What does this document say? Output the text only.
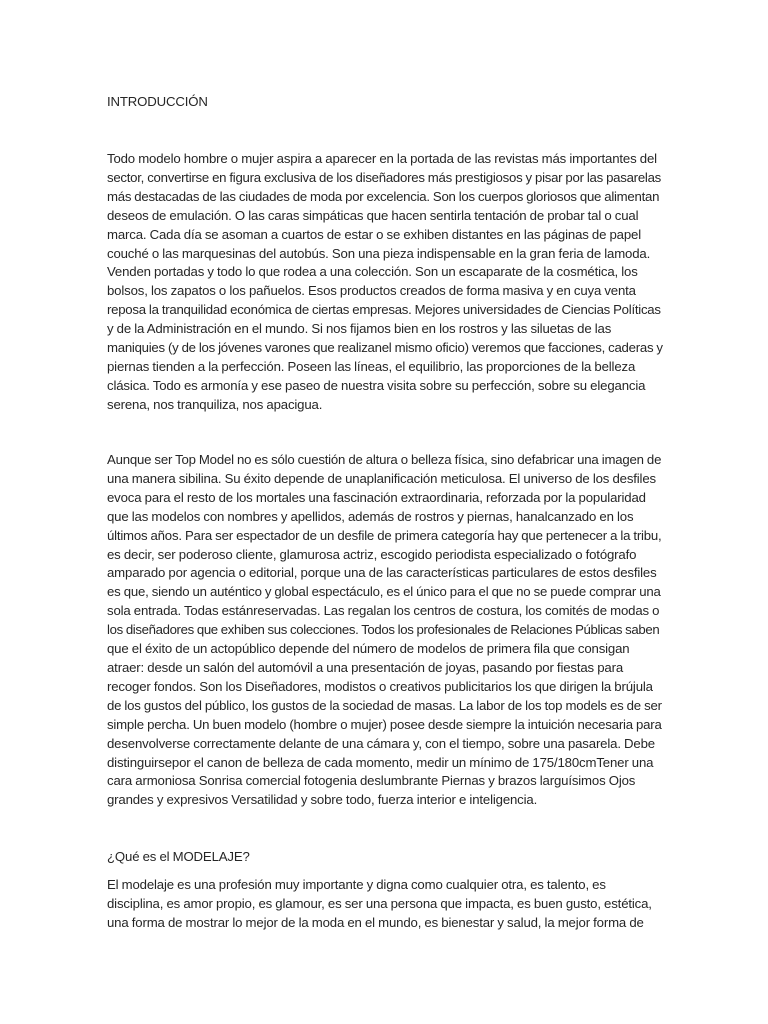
INTRODUCCIÓN
Todo modelo hombre o mujer aspira a aparecer en la portada de las revistas más importantes del
sector, convertirse en figura exclusiva de los diseñadores más prestigiosos y pisar por las pasarelas
más destacadas de las ciudades de moda por excelencia. Son los cuerpos gloriosos que alimentan
deseos de emulación. O las caras simpáticas que hacen sentirla tentación de probar tal o cual
marca. Cada día se asoman a cuartos de estar o se exhiben distantes en las páginas de papel
couché o las marquesinas del autobús. Son una pieza indispensable en la gran feria de lamoda.
Venden portadas y todo lo que rodea a una colección. Son un escaparate de la cosmética, los
bolsos, los zapatos o los pañuelos. Esos productos creados de forma masiva y en cuya venta
reposa la tranquilidad económica de ciertas empresas. Mejores universidades de Ciencias Políticas
y de la Administración en el mundo. Si nos fijamos bien en los rostros y las siluetas de las
maniquies (y de los jóvenes varones que realizanel mismo oficio) veremos que facciones, caderas y
piernas tienden a la perfección. Poseen las líneas, el equilibrio, las proporciones de la belleza
clásica. Todo es armonía y ese paseo de nuestra visita sobre su perfección, sobre su elegancia
serena, nos tranquiliza, nos apacigua.
Aunque ser Top Model no es sólo cuestión de altura o belleza física, sino defabricar una imagen de
una manera sibilina. Su éxito depende de unaplanificación meticulosa. El universo de los desfiles
evoca para el resto de los mortales una fascinación extraordinaria, reforzada por la popularidad
que las modelos con nombres y apellidos, además de rostros y piernas, hanalcanzado en los
últimos años. Para ser espectador de un desfile de primera categoría hay que pertenecer a la tribu,
es decir, ser poderoso cliente, glamurosa actriz, escogido periodista especializado o fotógrafo
amparado por agencia o editorial, porque una de las características particulares de estos desfiles
es que, siendo un auténtico y global espectáculo, es el único para el que no se puede comprar una
sola entrada. Todas estánreservadas. Las regalan los centros de costura, los comités de modas o
los diseñadores que exhiben sus colecciones. Todos los profesionales de Relaciones Públicas saben
que el éxito de un actopúblico depende del número de modelos de primera fila que consigan
atraer: desde un salón del automóvil a una presentación de joyas, pasando por fiestas para
recoger fondos. Son los Diseñadores, modistos o creativos publicitarios los que dirigen la brújula
de los gustos del público, los gustos de la sociedad de masas. La labor de los top models es de ser
simple percha. Un buen modelo (hombre o mujer) posee desde siempre la intuición necesaria para
desenvolverse correctamente delante de una cámara y, con el tiempo, sobre una pasarela. Debe
distinguirsepor el canon de belleza de cada momento, medir un mínimo de 175/180cmTener una
cara armoniosa Sonrisa comercial fotogenia deslumbrante Piernas y brazos larguísimos Ojos
grandes y expresivos Versatilidad y sobre todo, fuerza interior e inteligencia.
¿Qué es el MODELAJE?
El modelaje es una profesión muy importante y digna como cualquier otra, es talento, es
disciplina, es amor propio, es glamour, es ser una persona que impacta, es buen gusto, estética,
una forma de mostrar lo mejor de la moda en el mundo, es bienestar y salud, la mejor forma de
